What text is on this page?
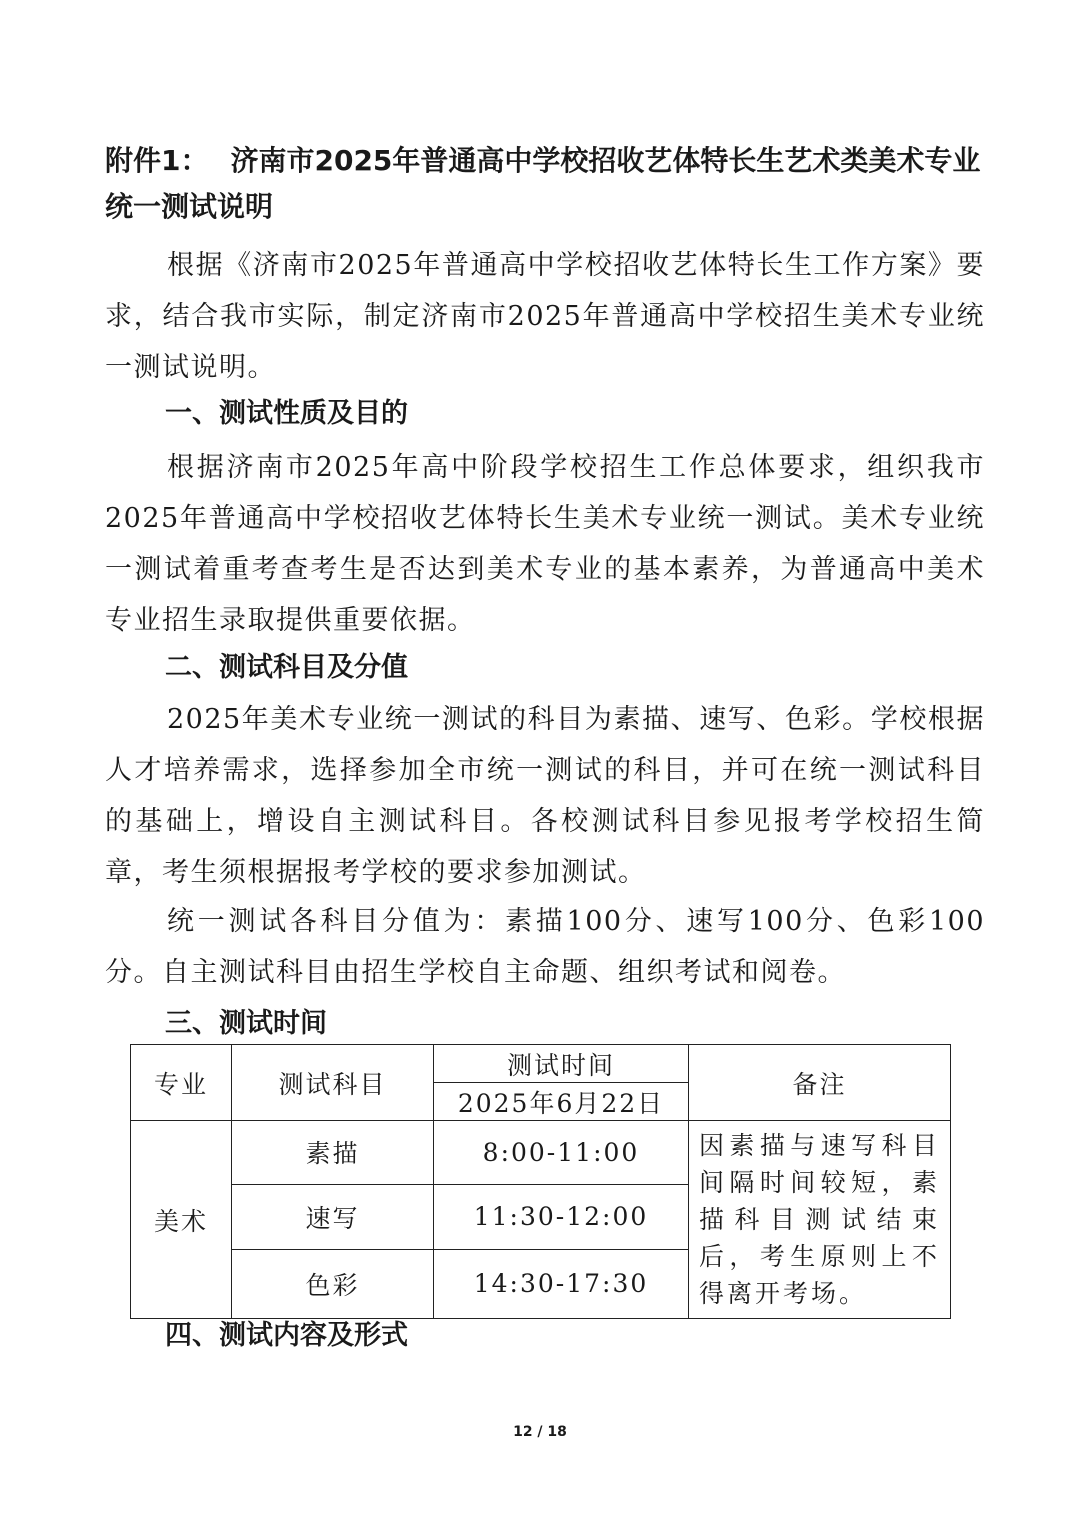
附件1： 济南市2025年普通高中学校招收艺体特长生艺术类美术专业统一测试说明

根据《济南市2025年普通高中学校招收艺体特长生工作方案》要求，结合我市实际，制定济南市2025年普通高中学校招生美术专业统一测试说明。

一、测试性质及目的

根据济南市2025年高中阶段学校招生工作总体要求，组织我市2025年普通高中学校招收艺体特长生美术专业统一测试。美术专业统一测试着重考查考生是否达到美术专业的基本素养，为普通高中美术专业招生录取提供重要依据。

二、测试科目及分值

2025年美术专业统一测试的科目为素描、速写、色彩。学校根据人才培养需求，选择参加全市统一测试的科目，并可在统一测试科目的基础上，增设自主测试科目。各校测试科目参见报考学校招生简章，考生须根据报考学校的要求参加测试。

统一测试各科目分值为：素描100分、速写100分、色彩100分。自主测试科目由招生学校自主命题、组织考试和阅卷。

三、测试时间
专业	测试科目	测试时间	备注
		2025年6月22日	
美术	素描	8:00-11:00	因素描与速写科目间隔时间较短，素描科目测试结束后，考生原则上不得离开考场。
	速写	11:30-12:00	
	色彩	14:30-17:30	
四、测试内容及形式
12 / 18
